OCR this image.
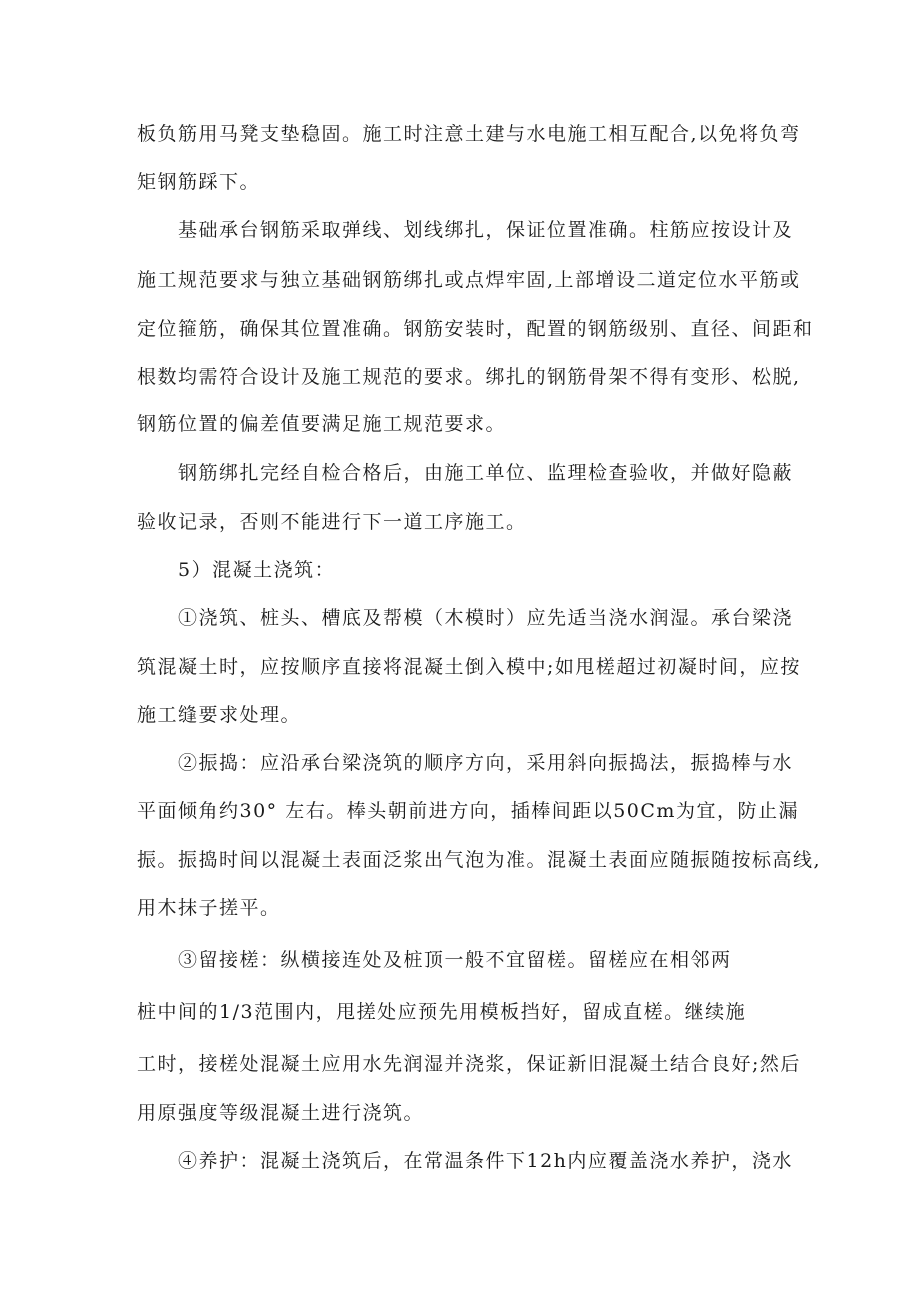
板负筋用马凳支垫稳固。施工时注意土建与水电施工相互配合,以免将负弯
矩钢筋踩下。
基础承台钢筋采取弹线、划线绑扎，保证位置准确。柱筋应按设计及
施工规范要求与独立基础钢筋绑扎或点焊牢固,上部增设二道定位水平筋或
定位箍筋，确保其位置准确。钢筋安装时，配置的钢筋级别、直径、间距和
根数均需符合设计及施工规范的要求。绑扎的钢筋骨架不得有变形、松脱,
钢筋位置的偏差值要满足施工规范要求。
钢筋绑扎完经自检合格后，由施工单位、监理检查验收，并做好隐蔽
验收记录，否则不能进行下一道工序施工。
5）混凝土浇筑：
①浇筑、桩头、槽底及帮模（木模时）应先适当浇水润湿。承台梁浇
筑混凝土时，应按顺序直接将混凝土倒入模中;如甩槎超过初凝时间，应按
施工缝要求处理。
②振捣：应沿承台梁浇筑的顺序方向，采用斜向振捣法，振捣棒与水
平面倾角约30° 左右。棒头朝前进方向，插棒间距以50Cm为宜，防止漏
振。振捣时间以混凝土表面泛浆出气泡为准。混凝土表面应随振随按标高线,
用木抹子搓平。
③留接槎：纵横接连处及桩顶一般不宜留槎。留槎应在相邻两
桩中间的1/3范围内，甩搓处应预先用模板挡好，留成直槎。继续施
工时，接槎处混凝土应用水先润湿并浇浆，保证新旧混凝土结合良好;然后
用原强度等级混凝土进行浇筑。
④养护：混凝土浇筑后，在常温条件下12h内应覆盖浇水养护，浇水
